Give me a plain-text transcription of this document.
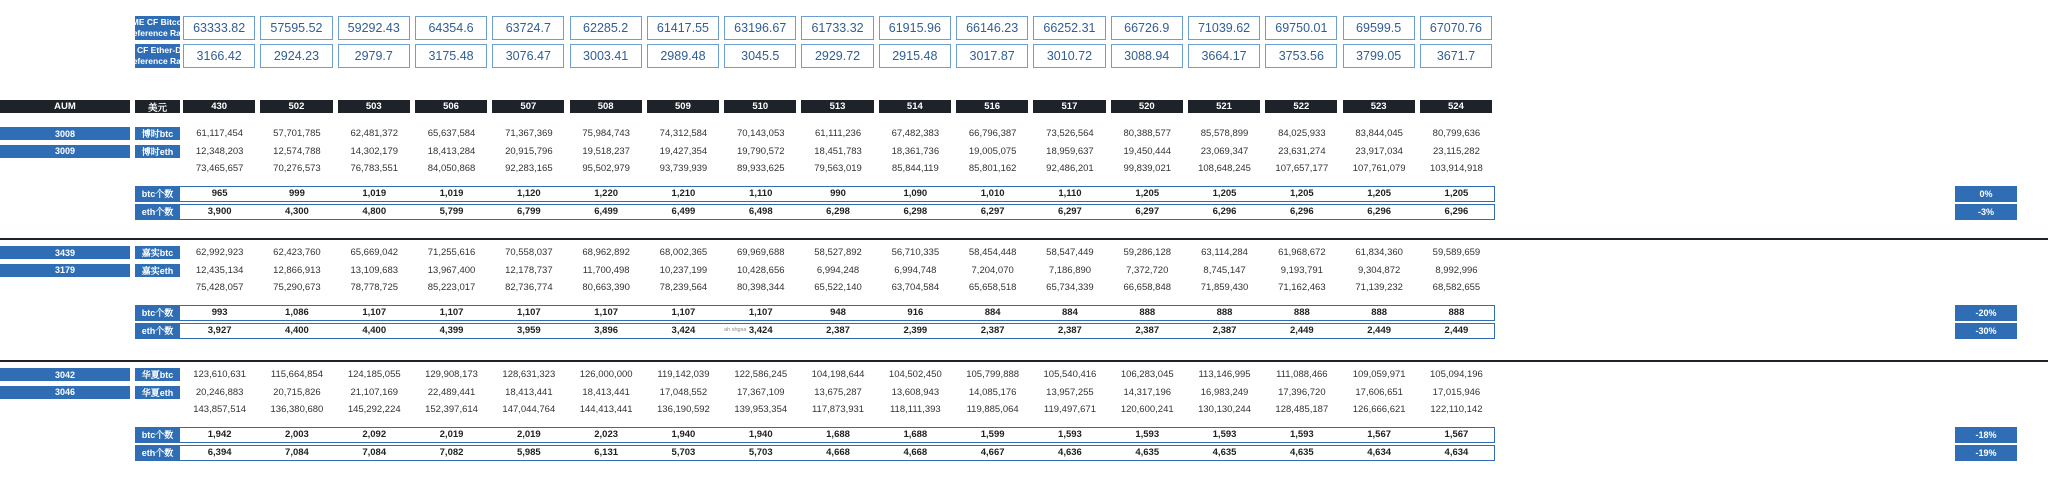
CME CF Bitcoin
Reference Rate 63333.82	57595.52	59292.43	64354.6	63724.7	62285.2	61417.55	63196.67	61733.32	61915.96	66146.23	66252.31	66726.9	71039.62	69750.01	69599.5	67070.76
CME CF Ether-Dollar
Reference Rate 3166.42	2924.23	2979.7	3175.48	3076.47	3003.41	2989.48	3045.5	2929.72	2915.48	3017.87	3010.72	3088.94	3664.17	3753.56	3799.05	3671.7
AUM	美元	430	502	503	506	507	508	509	510	513	514	516	517	520	521	522	523	524
3008	博时btc	61,117,454	57,701,785	62,481,372	65,637,584	71,367,369	75,984,743	74,312,584	70,143,053	61,111,236	67,482,383	66,796,387	73,526,564	80,388,577	85,578,899	84,025,933	83,844,045	80,799,636
3009	博时eth	12,348,203	12,574,788	14,302,179	18,413,284	20,915,796	19,518,237	19,427,354	19,790,572	18,451,783	18,361,736	19,005,075	18,959,637	19,450,444	23,069,347	23,631,274	23,917,034	23,115,282
73,465,657	70,276,573	76,783,551	84,050,868	92,283,165	95,502,979	93,739,939	89,933,625	79,563,019	85,844,119	85,801,162	92,486,201	99,839,021	108,648,245	107,657,177	107,761,079	103,914,918
btc个数	965	999	1,019	1,019	1,120	1,220	1,210	1,110	990	1,090	1,010	1,110	1,205	1,205	1,205	1,205	1,205	0%
eth个数	3,900	4,300	4,800	5,799	6,799	6,499	6,499	6,498	6,298	6,298	6,297	6,297	6,297	6,296	6,296	6,296	6,296	-3%
3439	嘉实btc	62,992,923	62,423,760	65,669,042	71,255,616	70,558,037	68,962,892	68,002,365	69,969,688	58,527,892	56,710,335	58,454,448	58,547,449	59,286,128	63,114,284	61,968,672	61,834,360	59,589,659
3179	嘉实eth	12,435,134	12,866,913	13,109,683	13,967,400	12,178,737	11,700,498	10,237,199	10,428,656	6,994,248	6,994,748	7,204,070	7,186,890	7,372,720	8,745,147	9,193,791	9,304,872	8,992,996
75,428,057	75,290,673	78,778,725	85,223,017	82,736,774	80,663,390	78,239,564	80,398,344	65,522,140	63,704,584	65,658,518	65,734,339	66,658,848	71,859,430	71,162,463	71,139,232	68,582,655
btc个数	993	1,086	1,107	1,107	1,107	1,107	1,107	1,107	948	916	884	884	888	888	888	888	888	-20%
eth个数	3,927	4,400	4,400	4,399	3,959	3,896	3,424	3,424	2,387	2,399	2,387	2,387	2,387	2,387	2,449	2,449	2,449	-30%
3042	华夏btc	123,610,631	115,664,854	124,185,055	129,908,173	128,631,323	126,000,000	119,142,039	122,586,245	104,198,644	104,502,450	105,799,888	105,540,416	106,283,045	113,146,995	111,088,466	109,059,971	105,094,196
3046	华夏eth	20,246,883	20,715,826	21,107,169	22,489,441	18,413,441	18,413,441	17,048,552	17,367,109	13,675,287	13,608,943	14,085,176	13,957,255	14,317,196	16,983,249	17,396,720	17,606,651	17,015,946
143,857,514	136,380,680	145,292,224	152,397,614	147,044,764	144,413,441	136,190,592	139,953,354	117,873,931	118,111,393	119,885,064	119,497,671	120,600,241	130,130,244	128,485,187	126,666,621	122,110,142
btc个数	1,942	2,003	2,092	2,019	2,019	2,023	1,940	1,940	1,688	1,688	1,599	1,593	1,593	1,593	1,593	1,567	1,567	-18%
eth个数	6,394	7,084	7,084	7,082	5,985	6,131	5,703	5,703	4,668	4,668	4,667	4,636	4,635	4,635	4,635	4,634	4,634	-19%
ah shgsa
